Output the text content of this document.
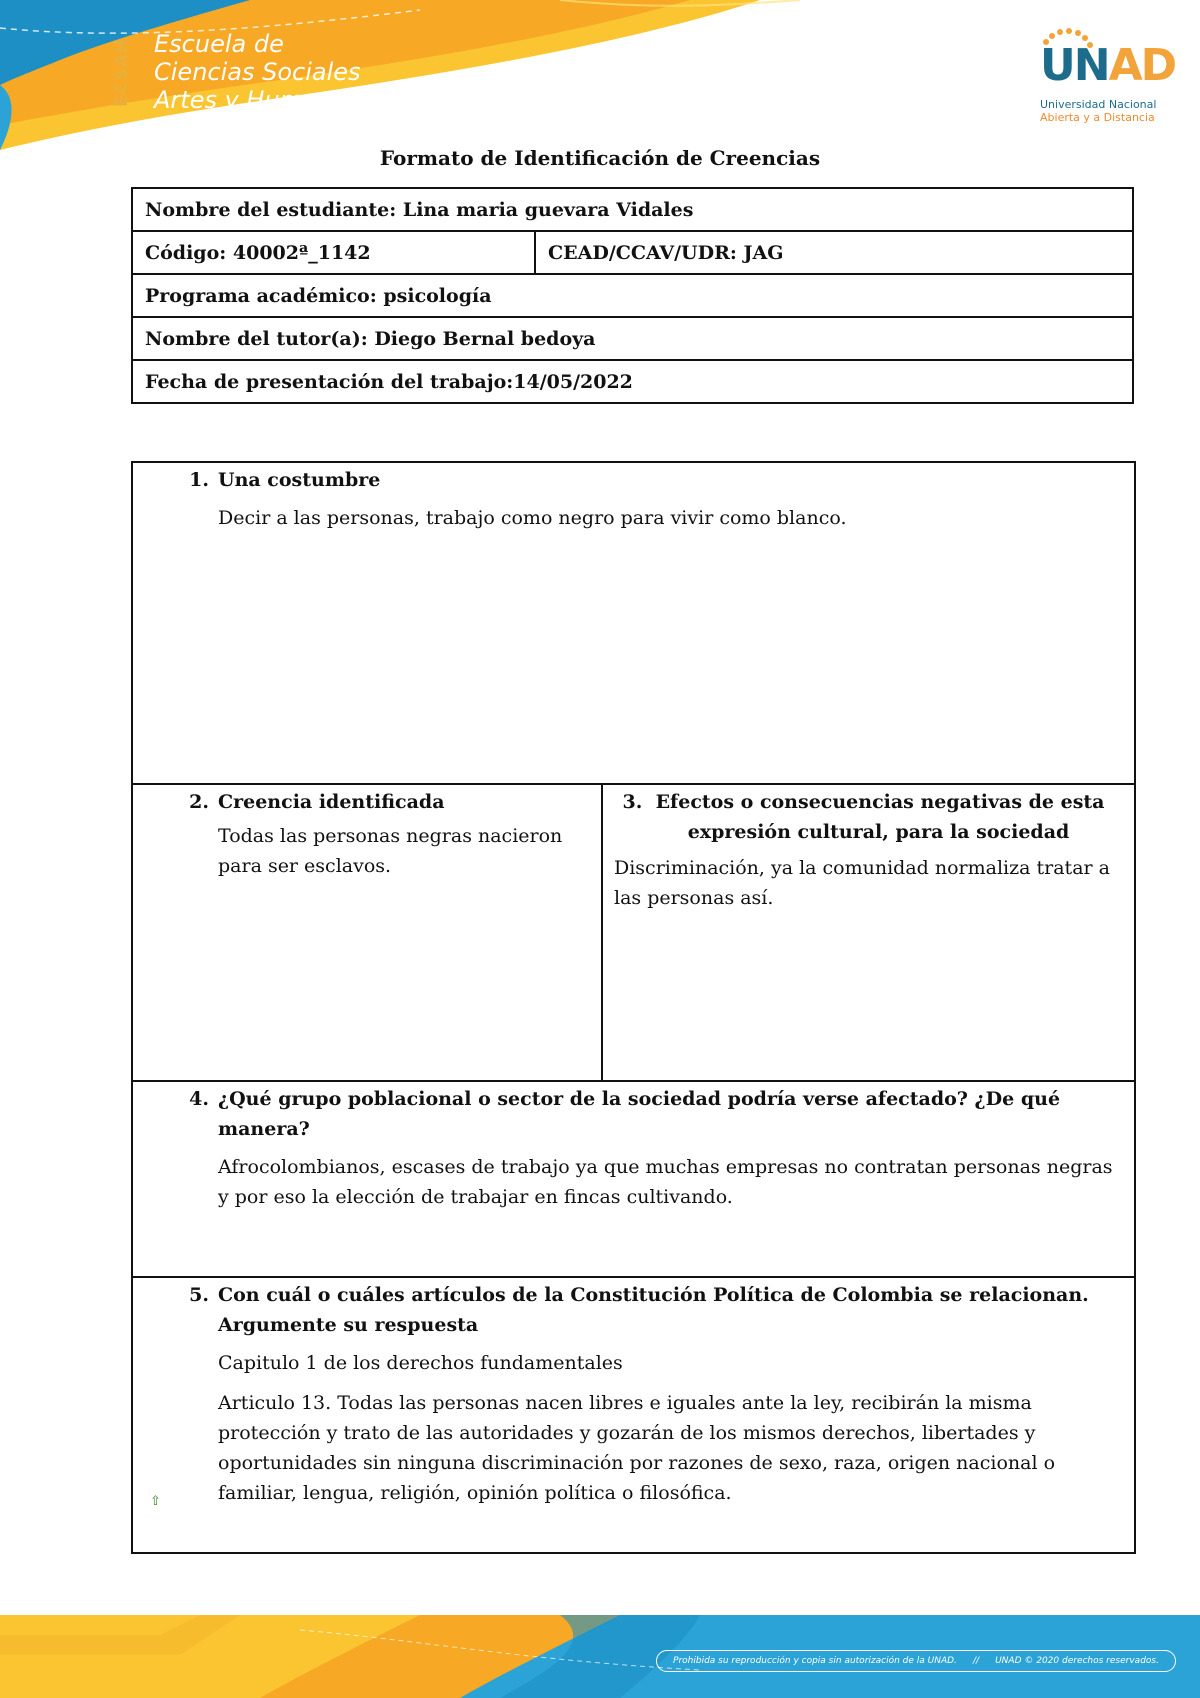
ECSAH Escuela de
Ciencias Sociales
Artes y Humanidades
UNAD
Universidad Nacional
Abierta y a Distancia
Formato de Identificación de Creencias
Nombre del estudiante: Lina maria guevara Vidales
Código: 40002ª_1142	CEAD/CCAV/UDR: JAG
Programa académico: psicología
Nombre del tutor(a): Diego Bernal bedoya
Fecha de presentación del trabajo:14/05/2022
1. Una costumbre

Decir a las personas, trabajo como negro para vivir como blanco.

2. Creencia identificada

Todas las personas negras nacieron para ser esclavos.

3. Efectos o consecuencias negativas de esta
expresión cultural, para la sociedad

Discriminación, ya la comunidad normaliza tratar a las personas así.

4. ¿Qué grupo poblacional o sector de la sociedad podría verse afectado? ¿De qué manera?

Afrocolombianos, escases de trabajo ya que muchas empresas no contratan personas negras y por eso la elección de trabajar en fincas cultivando.

5. Con cuál o cuáles artículos de la Constitución Política de Colombia se relacionan. Argumente su respuesta

Capitulo 1 de los derechos fundamentales

Articulo 13. Todas las personas nacen libres e iguales ante la ley, recibirán la misma protección y trato de las autoridades y gozarán de los mismos derechos, libertades y oportunidades sin ninguna discriminación por razones de sexo, raza, origen nacional o familiar, lengua, religión, opinión política o filosófica.

⇧
Prohibida su reproducción y copia sin autorización de la UNAD. // UNAD © 2020 derechos reservados.
